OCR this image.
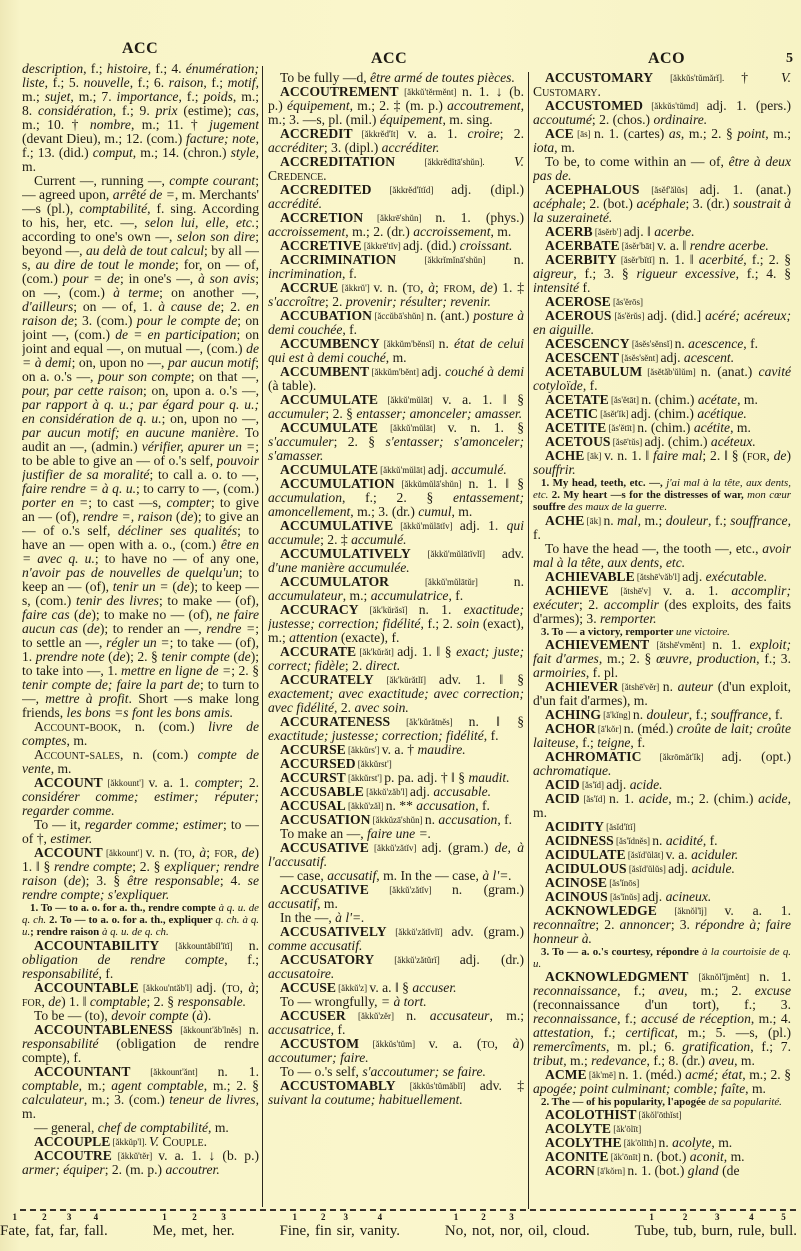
ACC
ACC	ACO	5

description, f.; histoire, f.; 4. énumération; liste, f.; 5. nouvelle, f.; 6. raison, f.; motif, m.; sujet, m.; 7. importance, f.; poids, m.; 8. considération, f.; 9. prix (estime); cas, m.; 10. † nombre, m.; 11. † jugement (devant Dieu), m.; 12. (com.) facture; note, f.; 13. (did.) comput, m.; 14. (chron.) style, m.

Current —, running —, compte courant; — agreed upon, arrêté de =, m. Merchants' —s (pl.), comptabilité, f. sing. According to his, her, etc. —, selon lui, elle, etc.; according to one's own —, selon son dire; beyond —, au delà de tout calcul; by all —s, au dire de tout le monde; for, on — of, (com.) pour = de; in one's —, à son avis; on —, (com.) à terme; on another —, d'ailleurs; on — of, 1. à cause de; 2. en raison de; 3. (com.) pour le compte de; on joint —, (com.) de = en participation; on joint and equal —, on mutual —, (com.) de = à demi; on, upon no —, par aucun motif; on a. o.'s —, pour son compte; on that —, pour, par cette raison; on, upon a. o.'s —, par rapport à q. u.; par égard pour q. u.; en considération de q. u.; on, upon no —, par aucun motif; en aucune manière. To audit an —, (admin.) vérifier, apurer un =; to be able to give an — of o.'s self, pouvoir justifier de sa moralité; to call a. o. to —, faire rendre = à q. u.; to carry to —, (com.) porter en =; to cast —s, compter; to give an — (of), rendre =, raison (de); to give an — of o.'s self, décliner ses qualités; to have an — open with a. o., (com.) être en = avec q. u.; to have no — of any one, n'avoir pas de nouvelles de quelqu'un; to keep an — (of), tenir un = (de); to keep —s, (com.) tenir des livres; to make — (of), faire cas (de); to make no — (of), ne faire aucun cas (de); to render an —, rendre =; to settle an —, régler un =; to take — (of), 1. prendre note (de); 2. § tenir compte (de); to take into —, 1. mettre en ligne de =; 2. § tenir compte de; faire la part de; to turn to —, mettre à profit. Short —s make long friends, les bons =s font les bons amis.

Account-book, n. (com.) livre de comptes, m.

Account-sales, n. (com.) compte de vente, m.

ACCOUNT [ăkkount'] v. a. 1. compter; 2. considérer comme; estimer; réputer; regarder comme.

To — it, regarder comme; estimer; to — of †, estimer.

ACCOUNT [ăkkount'] v. n. (to, à; for, de) 1. ‖ § rendre compte; 2. § expliquer; rendre raison (de); 3. § être responsable; 4. se rendre compte; s'expliquer.

1. To — to a. o. for a. th., rendre compte à q. u. de q. ch. 2. To — to a. o. for a. th., expliquer q. ch. à q. u.; rendre raison à q. u. de q. ch.

ACCOUNTABILITY [ăkkountăbĭl'ĭtĭ] n. obligation de rendre compte, f.; responsabilité, f.

ACCOUNTABLE [ăkkou'ntăb'l] adj. (to, à; for, de) 1. ‖ comptable; 2. § responsable.

To be — (to), devoir compte (à).

ACCOUNTABLENESS [ăkkount'ăb'lnĕs] n. responsabilité (obligation de rendre compte), f.

ACCOUNTANT [ăkkount'ănt] n. 1. comptable, m.; agent comptable, m.; 2. § calculateur, m.; 3. (com.) teneur de livres, m.

— general, chef de comptabilité, m.

ACCOUPLE [ăkkŭp'l]. V. Couple.

ACCOUTRE [ăkkŭ'tĕr] v. a. 1. ↓ (b. p.) armer; équiper; 2. (m. p.) accoutrer.

To be fully —d, être armé de toutes pièces.

ACCOUTREMENT [ăkkŭ'tĕrmĕnt] n. 1. ↓ (b. p.) équipement, m.; 2. ‡ (m. p.) accoutrement, m.; 3. —s, pl. (mil.) équipement, m. sing.

ACCREDIT [ăkkrĕd'ĭt] v. a. 1. croire; 2. accréditer; 3. (dipl.) accréditer.

ACCREDITATION [ăkkrĕdĭtā'shŭn]. V. Credence.

ACCREDITED [ăkkrĕd'ĭtĭd] adj. (dipl.) accrédité.

ACCRETION [ăkkrē'shŭn] n. 1. (phys.) accroissement, m.; 2. (dr.) accroissement, m.

ACCRETIVE [ăkkrē'tĭv] adj. (did.) croissant.

ACCRIMINATION [ăkkrĭmĭnā'shŭn] n. incrimination, f.

ACCRUE [ăkkrŭ'] v. n. (to, à; from, de) 1. ‡ s'accroître; 2. provenir; résulter; revenir.

ACCUBATION [ăccŭbā'shŭn] n. (ant.) posture à demi couchée, f.

ACCUMBENCY [ăkkŭm'bĕnsĭ] n. état de celui qui est à demi couché, m.

ACCUMBENT [ăkkŭm'bĕnt] adj. couché à demi (à table).

ACCUMULATE [ăkkŭ'mŭlāt] v. a. 1. ‖ § accumuler; 2. § entasser; amonceler; amasser.

ACCUMULATE [ăkkŭ'mŭlāt] v. n. 1. § s'accumuler; 2. § s'entasser; s'amonceler; s'amasser.

ACCUMULATE [ăkkŭ'mŭlāt] adj. accumulé.

ACCUMULATION [ăkkŭmŭlā'shŭn] n. 1. ‖ § accumulation, f.; 2. § entassement; amoncellement, m.; 3. (dr.) cumul, m.

ACCUMULATIVE [ăkkŭ'mŭlātĭv] adj. 1. qui accumule; 2. ‡ accumulé.

ACCUMULATIVELY [ăkkŭ'mŭlātĭvlĭ] adv. d'une manière accumulée.

ACCUMULATOR [ăkkŭ'mŭlātŭr] n. accumulateur, m.; accumulatrice, f.

ACCURACY [ăk'kŭrăsĭ] n. 1. exactitude; justesse; correction; fidélité, f.; 2. soin (exact), m.; attention (exacte), f.

ACCURATE [ăk'kŭrăt] adj. 1. ‖ § exact; juste; correct; fidèle; 2. direct.

ACCURATELY [ăk'kŭrătlĭ] adv. 1. ‖ § exactement; avec exactitude; avec correction; avec fidélité, 2. avec soin.

ACCURATENESS [ăk'kŭrătnĕs] n. ‖ § exactitude; justesse; correction; fidélité, f.

ACCURSE [ăkkŭrs'] v. a. † maudire.

ACCURSED [ăkkŭrst']

ACCURST [ăkkŭrst'] p. pa. adj. † ‖ § maudit.

ACCUSABLE [ăkkŭ'zăb'l] adj. accusable.

ACCUSAL [ăkkŭ'zăl] n. ** accusation, f.

ACCUSATION [ăkkŭzā'shŭn] n. accusation, f.

To make an —, faire une =.

ACCUSATIVE [ăkkŭ'zătĭv] adj. (gram.) de, à l'accusatif.

— case, accusatif, m. In the — case, à l'=.

ACCUSATIVE [ăkkŭ'zătĭv] n. (gram.) accusatif, m.

In the —, à l'=.

ACCUSATIVELY [ăkkŭ'zătĭvlĭ] adv. (gram.) comme accusatif.

ACCUSATORY [ăkkŭ'zătŭrĭ] adj. (dr.) accusatoire.

ACCUSE [ăkkŭ'z] v. a. ‖ § accuser.

To — wrongfully, = à tort.

ACCUSER [ăkkŭ'zĕr] n. accusateur, m.; accusatrice, f.

ACCUSTOM [ăkkŭs'tŭm] v. a. (to, à) accoutumer; faire.

To — o.'s self, s'accoutumer; se faire.

ACCUSTOMABLY [ăkkŭs'tŭmăblĭ] adv. ‡ suivant la coutume; habituellement.

ACCUSTOMARY [ăkkŭs'tŭmărĭ]. † V. Customary.

ACCUSTOMED [ăkkŭs'tŭmd] adj. 1. (pers.) accoutumé; 2. (chos.) ordinaire.

ACE [ās] n. 1. (cartes) as, m.; 2. § point, m.; iota, m.

To be, to come within an — of, être à deux pas de.

ACEPHALOUS [ăsĕf'ălŭs] adj. 1. (anat.) acéphale; 2. (bot.) acéphale; 3. (dr.) soustrait à la suzeraineté.

ACERB [ăsĕrb'] adj. ‖ acerbe.

ACERBATE [ăsĕr'bāt] v. a. ‖ rendre acerbe.

ACERBITY [ăsĕr'bĭtĭ] n. 1. ‖ acerbité, f.; 2. § aigreur, f.; 3. § rigueur excessive, f.; 4. § intensité f.

ACEROSE [ăs'ĕrōs]

ACEROUS [ăs'ĕrŭs] adj. (did.] acéré; acéreux; en aiguille.

ACESCENCY [ăsĕs'sĕnsĭ] n. acescence, f.

ACESCENT [ăsĕs'sĕnt] adj. acescent.

ACETABULUM [ăsĕtăb'ŭlŭm] n. (anat.) cavité cotyloïde, f.

ACETATE [ăs'ĕtāt] n. (chim.) acétate, m.

ACETIC [ăsĕt'ĭk] adj. (chim.) acétique.

ACETITE [ăs'ĕtīt] n. (chim.) acétite, m.

ACETOUS [ăsē'tŭs] adj. (chim.) acéteux.

ACHE [āk] v. n. 1. ‖ faire mal; 2. ‖ § (for, de) souffrir.

1. My head, teeth, etc. —, j'ai mal à la tête, aux dents, etc. 2. My heart —s for the distresses of war, mon cœur souffre des maux de la guerre.

ACHE [āk] n. mal, m.; douleur, f.; souffrance, f.

To have the head —, the tooth —, etc., avoir mal à la tête, aux dents, etc.

ACHIEVABLE [ătshē'văb'l] adj. exécutable.

ACHIEVE [ătshē'v] v. a. 1. accomplir; exécuter; 2. accomplir (des exploits, des faits d'armes); 3. remporter.

3. To — a victory, remporter une victoire.

ACHIEVEMENT [ătshē'vmĕnt] n. 1. exploit; fait d'armes, m.; 2. § œuvre, production, f.; 3. armoiries, f. pl.

ACHIEVER [ătshē'vĕr] n. auteur (d'un exploit, d'un fait d'armes), m.

ACHING [ā'kĭng] n. douleur, f.; souffrance, f.

ACHOR [ā'kŏr] n. (méd.) croûte de lait; croûte laiteuse, f.; teigne, f.

ACHROMATIC [ăkrōmăt'ĭk] adj. (opt.) achromatique.

ACID [ăs'ĭd] adj. acide.

ACID [ăs'ĭd] n. 1. acide, m.; 2. (chim.) acide, m.

ACIDITY [ăsĭd'ĭtĭ]

ACIDNESS [ăs'ĭdnĕs] n. acidité, f.

ACIDULATE [ăsĭd'ŭlāt] v. a. aciduler.

ACIDULOUS [ăsĭd'ŭlŭs] adj. acidule.

ACINOSE [ăs'ĭnōs]

ACINOUS [ăs'ĭnŭs] adj. acineux.

ACKNOWLEDGE [ăknŏl'ĭj] v. a. 1. reconnaître; 2. annoncer; 3. répondre à; faire honneur à.

3. To — a. o.'s courtesy, répondre à la courtoisie de q. u.

ACKNOWLEDGMENT [ăknŏl'ĭjmĕnt] n. 1. reconnaissance, f.; aveu, m.; 2. excuse (reconnaissance d'un tort), f.; 3. reconnaissance, f.; accusé de réception, m.; 4. attestation, f.; certificat, m.; 5. —s, (pl.) remercîments, m. pl.; 6. gratification, f.; 7. tribut, m.; redevance, f.; 8. (dr.) aveu, m.

ACME [ăk'mē] n. 1. (méd.) acmé; état, m.; 2. § apogée; point culminant; comble; faîte, m.

2. The — of his popularity, l'apogée de sa popularité.

ACOLOTHIST [ăkŏl'ōthĭst]

ACOLYTE [ăk'ōlīt]

ACOLYTHE [ăk'ōlīth] n. acolyte, m.

ACONITE [ăk'ōnīt] n. (bot.) aconit, m.

ACORN [ā'kŏrn] n. 1. (bot.) gland (de

1
Fate,
2
fat,
3
far,
4
fall.
1
Me,
2
met,
3
her.
1
Fine,
2
fin
3
sir,
4
vanity.
1
No,
2
not,
3
nor, oil, cloud.
1
Tube,
2
tub,
3
burn,
4
rule,
5
bull.
